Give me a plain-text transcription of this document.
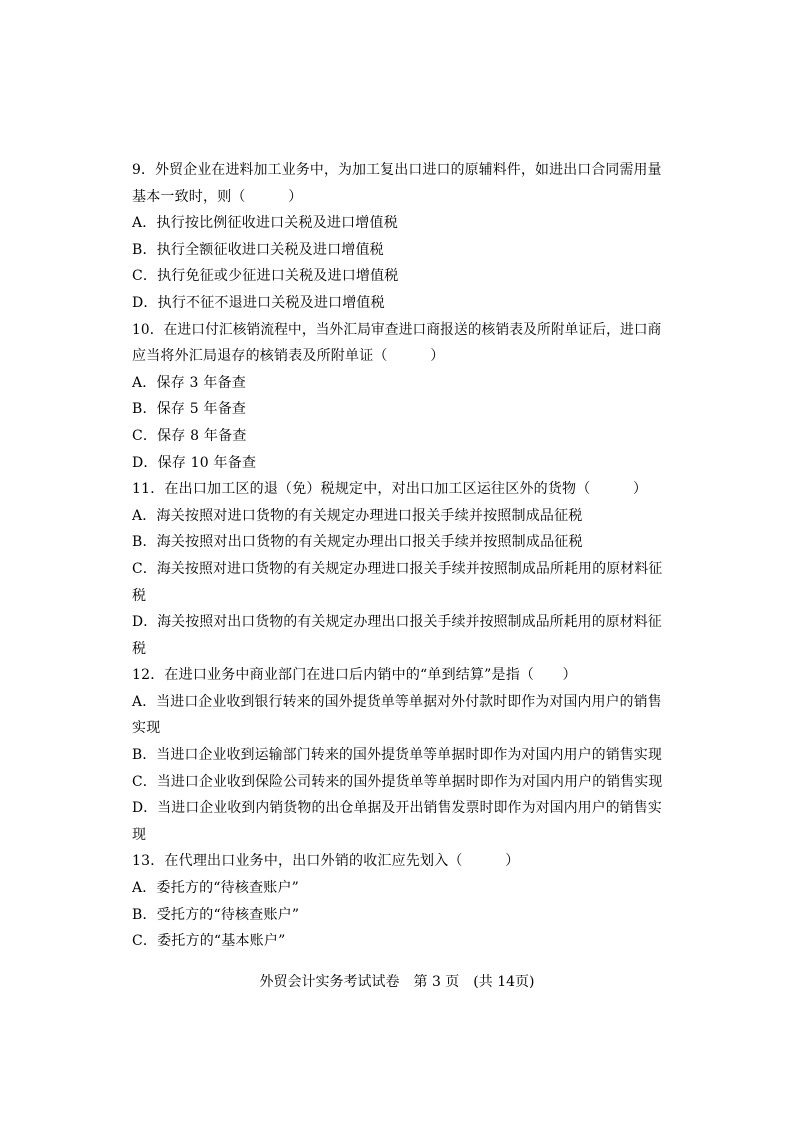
9．外贸企业在进料加工业务中，为加工复出口进口的原辅料件，如进出口合同需用量
基本一致时，则（　　　）
A．执行按比例征收进口关税及进口增值税
B．执行全额征收进口关税及进口增值税
C．执行免征或少征进口关税及进口增值税
D．执行不征不退进口关税及进口增值税
10．在进口付汇核销流程中，当外汇局审查进口商报送的核销表及所附单证后，进口商
应当将外汇局退存的核销表及所附单证（　　　）
A．保存 3 年备查
B．保存 5 年备查
C．保存 8 年备查
D．保存 10 年备查
11．在出口加工区的退（免）税规定中，对出口加工区运往区外的货物（　　　）
A．海关按照对进口货物的有关规定办理进口报关手续并按照制成品征税
B．海关按照对出口货物的有关规定办理出口报关手续并按照制成品征税
C．海关按照对进口货物的有关规定办理进口报关手续并按照制成品所耗用的原材料征
税
D．海关按照对出口货物的有关规定办理出口报关手续并按照制成品所耗用的原材料征
税
12．在进口业务中商业部门在进口后内销中的“单到结算”是指（　　）
A．当进口企业收到银行转来的国外提货单等单据对外付款时即作为对国内用户的销售
实现
B．当进口企业收到运输部门转来的国外提货单等单据时即作为对国内用户的销售实现
C．当进口企业收到保险公司转来的国外提货单等单据时即作为对国内用户的销售实现
D．当进口企业收到内销货物的出仓单据及开出销售发票时即作为对国内用户的销售实
现
13．在代理出口业务中，出口外销的收汇应先划入（　　　）
A．委托方的“待核查账户”
B．受托方的“待核查账户”
C．委托方的“基本账户”
外贸会计实务考试试卷　第 3 页　(共 14页)
